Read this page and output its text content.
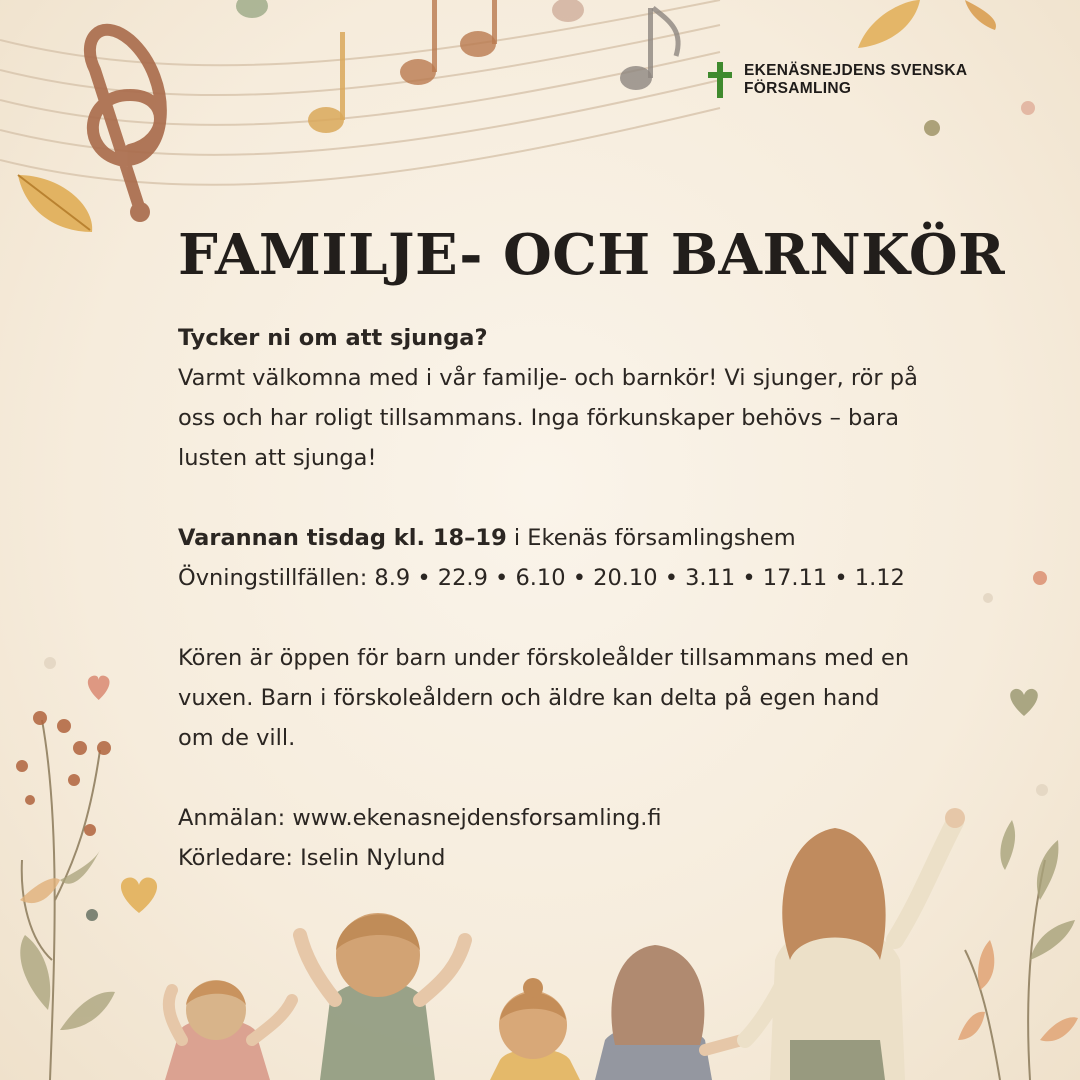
EKENÄSNEJDENS SVENSKA
FÖRSAMLING
FAMILJE- OCH BARNKÖR

Tycker ni om att sjunga?

Varmt välkomna med i vår familje- och barnkör! Vi sjunger, rör på oss och har roligt tillsammans. Inga förkunskaper behövs – bara lusten att sjunga!

Varannan tisdag kl. 18–19 i Ekenäs församlingshem

Övningstillfällen: 8.9 • 22.9 • 6.10 • 20.10 • 3.11 • 17.11 • 1.12

Kören är öppen för barn under förskoleålder tillsammans med en vuxen. Barn i förskoleåldern och äldre kan delta på egen hand om de vill.

Anmälan: www.ekenasnejdensforsamling.fi

Körledare: Iselin Nylund
